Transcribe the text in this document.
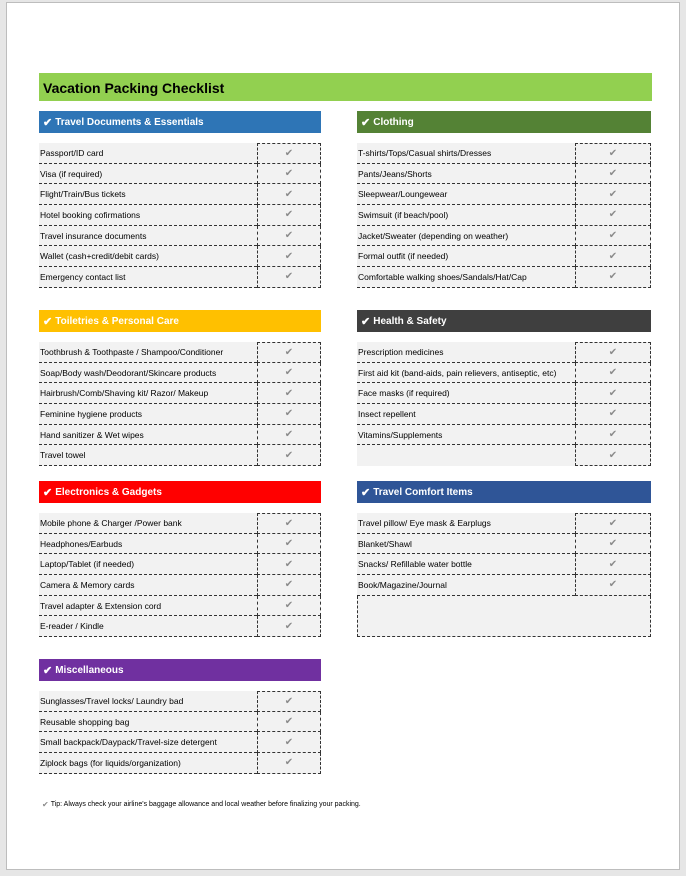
Vacation Packing Checklist
✔ Travel Documents & Essentials
Passport/ID card	✔
Visa (if required)	✔
Flight/Train/Bus tickets	✔
Hotel booking cofirmations	✔
Travel insurance documents	✔
Wallet (cash+credit/debit cards)	✔
Emergency contact list	✔
✔ Clothing
T-shirts/Tops/Casual shirts/Dresses	✔
Pants/Jeans/Shorts	✔
Sleepwear/Loungewear	✔
Swimsuit (if beach/pool)	✔
Jacket/Sweater (depending on weather)	✔
Formal outfit (if needed)	✔
Comfortable walking shoes/Sandals/Hat/Cap	✔
✔ Toiletries & Personal Care
Toothbrush & Toothpaste / Shampoo/Conditioner	✔
Soap/Body wash/Deodorant/Skincare products	✔
Hairbrush/Comb/Shaving kit/ Razor/ Makeup	✔
Feminine hygiene products	✔
Hand sanitizer & Wet wipes	✔
Travel towel	✔
✔ Health & Safety
Prescription medicines	✔
First aid kit (band-aids, pain relievers, antiseptic, etc)	✔
Face masks (if required)	✔
Insect repellent	✔
Vitamins/Supplements	✔
✔
✔ Electronics & Gadgets
Mobile phone & Charger /Power bank	✔
Headphones/Earbuds	✔
Laptop/Tablet (if needed)	✔
Camera & Memory cards	✔
Travel adapter & Extension cord	✔
E-reader / Kindle	✔
✔ Travel Comfort Items
Travel pillow/ Eye mask & Earplugs	✔
Blanket/Shawl	✔
Snacks/ Refillable water bottle	✔
Book/Magazine/Journal	✔
✔ Miscellaneous
Sunglasses/Travel locks/ Laundry bad	✔
Reusable shopping bag	✔
Small backpack/Daypack/Travel-size detergent	✔
Ziplock bags (for liquids/organization)	✔
✔ Tip: Always check your airline's baggage allowance and local weather before finalizing your packing.
